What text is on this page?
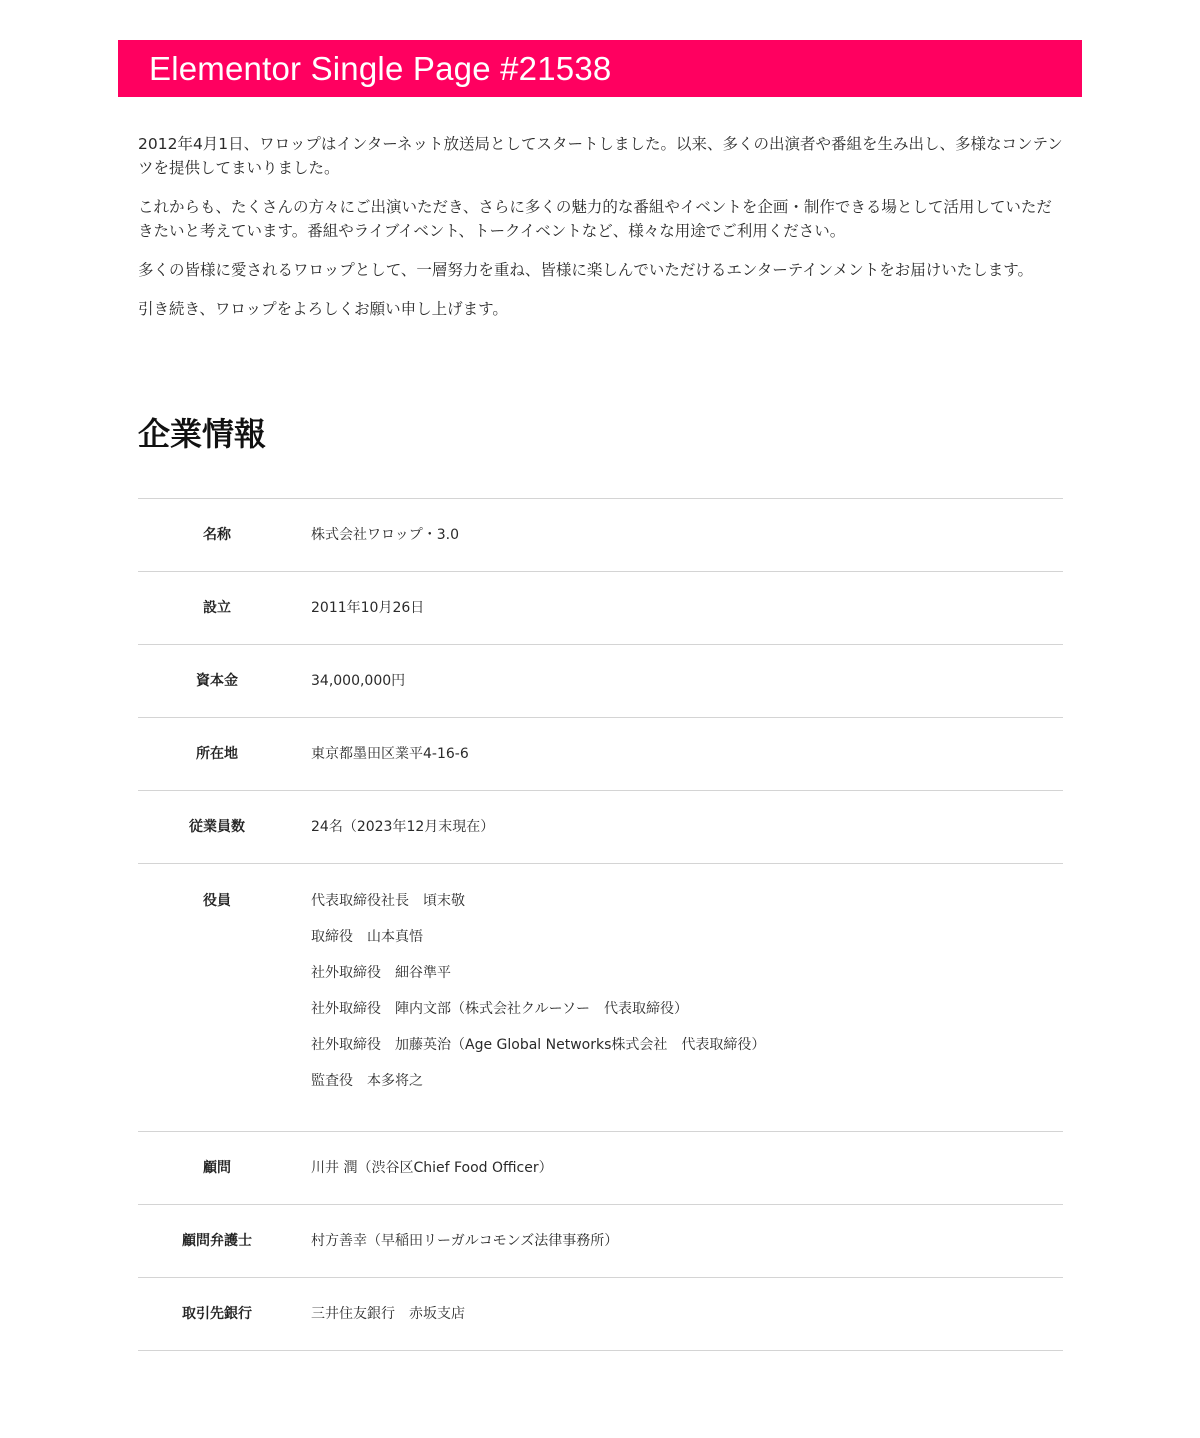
Elementor Single Page #21538

2012年4月1日、ワロップはインターネット放送局としてスタートしました。以来、多くの出演者や番組を生み出し、多様なコンテンツを提供してまいりました。

これからも、たくさんの方々にご出演いただき、さらに多くの魅力的な番組やイベントを企画・制作できる場として活用していただきたいと考えています。番組やライブイベント、トークイベントなど、様々な用途でご利用ください。

多くの皆様に愛されるワロップとして、一層努力を重ね、皆様に楽しんでいただけるエンターテインメントをお届けいたします。

引き続き、ワロップをよろしくお願い申し上げます。

企業情報
名称	株式会社ワロップ・3.0
設立	2011年10月26日
資本金	34,000,000円
所在地	東京都墨田区業平4-16-6
従業員数	24名（2023年12月末現在）
役員	代表取締役社長　頃末敬
取締役　山本真悟
社外取締役　細谷準平
社外取締役　陣内文部（株式会社クルーソー　代表取締役）
社外取締役　加藤英治（Age Global Networks株式会社　代表取締役）
監査役　本多将之
顧問	川井 潤（渋谷区Chief Food Officer）
顧問弁護士	村方善幸（早稲田リーガルコモンズ法律事務所）
取引先銀行	三井住友銀行　赤坂支店
